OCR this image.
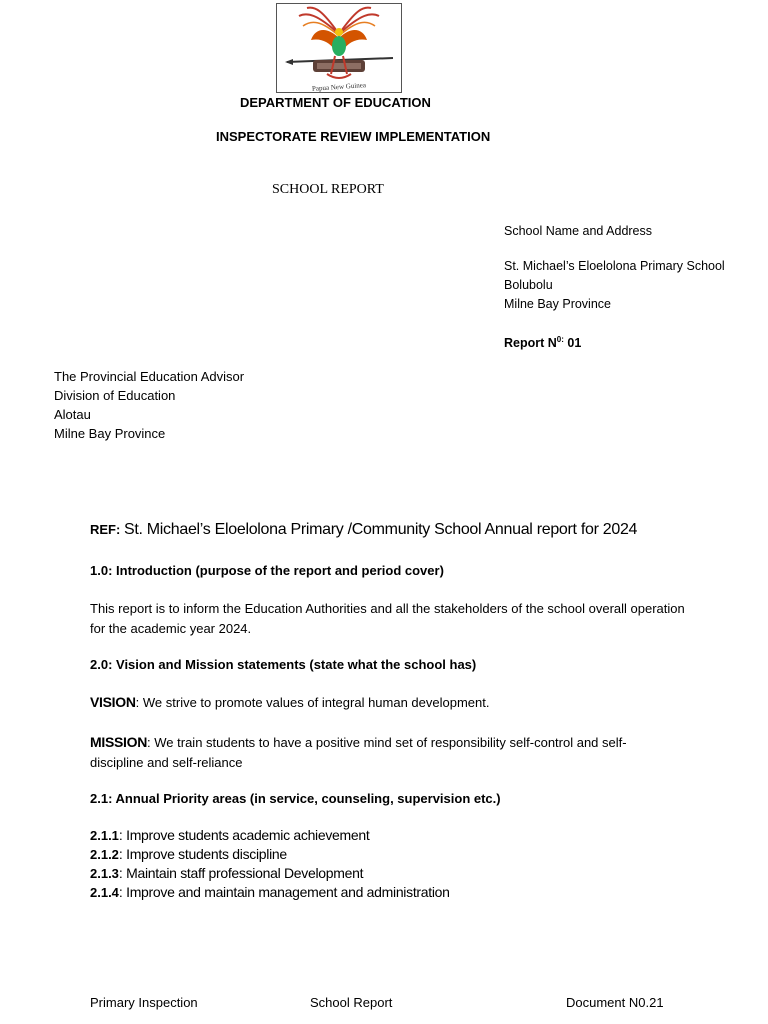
Papua New Guinea
DEPARTMENT OF EDUCATION
INSPECTORATE REVIEW IMPLEMENTATION
SCHOOL REPORT
School Name and Address
St. Michael’s Eloelolona Primary School
Bolubolu
Milne Bay Province
Report $N^{0:}$ 01
The Provincial Education Advisor
Division of Education
Alotau
Milne Bay Province
REF: St. Michael’s Eloelolona Primary /Community School Annual report for 2024
1.0: Introduction (purpose of the report and period cover)
This report is to inform the Education Authorities and all the stakeholders of the school overall operation for the academic year 2024.
2.0: Vision and Mission statements (state what the school has)
VISION: We strive to promote values of integral human development.
MISSION: We train students to have a positive mind set of responsibility self-control and self-discipline and self-reliance
2.1: Annual Priority areas (in service, counseling, supervision etc.)
2.1.1: Improve students academic achievement
2.1.2: Improve students discipline
2.1.3: Maintain staff professional Development
2.1.4: Improve and maintain management and administration
Primary Inspection	School Report	Document N0.21
